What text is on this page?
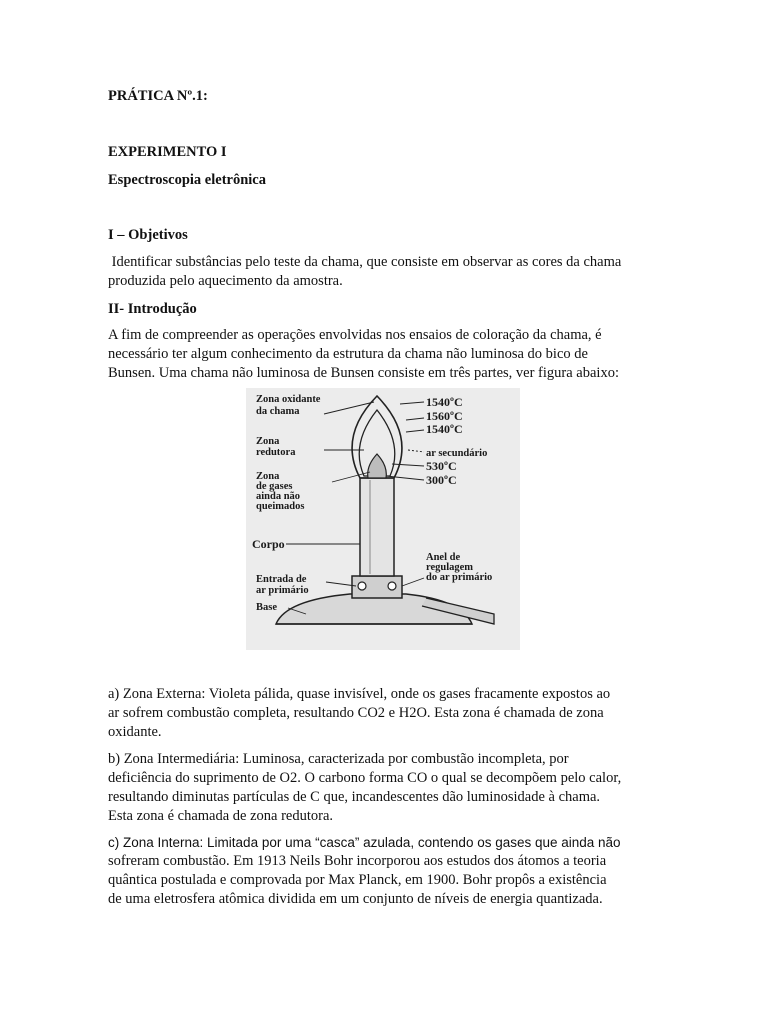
PRÁTICA Nº.1:

EXPERIMENTO I

Espectroscopia eletrônica

I – Objetivos

Identificar substâncias pelo teste da chama, que consiste em observar as cores da chama
produzida pelo aquecimento da amostra.

II- Introdução

A fim de compreender as operações envolvidas nos ensaios de coloração da chama, é
necessário ter algum conhecimento da estrutura da chama não luminosa do bico de
Bunsen. Uma chama não luminosa de Bunsen consiste em três partes, ver figura abaixo:
Zona oxidante
da chama
Zona
redutora
Zona
de gases
ainda não
queimados
Corpo
Entrada de
ar primário
Base
1540ºC
1560ºC
1540ºC
ar secundário
530ºC
300ºC
Anel de
regulagem
do ar primário
a) Zona Externa: Violeta pálida, quase invisível, onde os gases fracamente expostos ao
ar sofrem combustão completa, resultando CO2 e H2O. Esta zona é chamada de zona
oxidante.
b) Zona Intermediária: Luminosa, caracterizada por combustão incompleta, por
deficiência do suprimento de O2. O carbono forma CO o qual se decompõem pelo calor,
resultando diminutas partículas de C que, incandescentes dão luminosidade à chama.
Esta zona é chamada de zona redutora.
c) Zona Interna: Limitada por uma “casca” azulada, contendo os gases que ainda não
sofreram combustão. Em 1913 Neils Bohr incorporou aos estudos dos átomos a teoria
quântica postulada e comprovada por Max Planck, em 1900. Bohr propôs a existência
de uma eletrosfera atômica dividida em um conjunto de níveis de energia quantizada.
